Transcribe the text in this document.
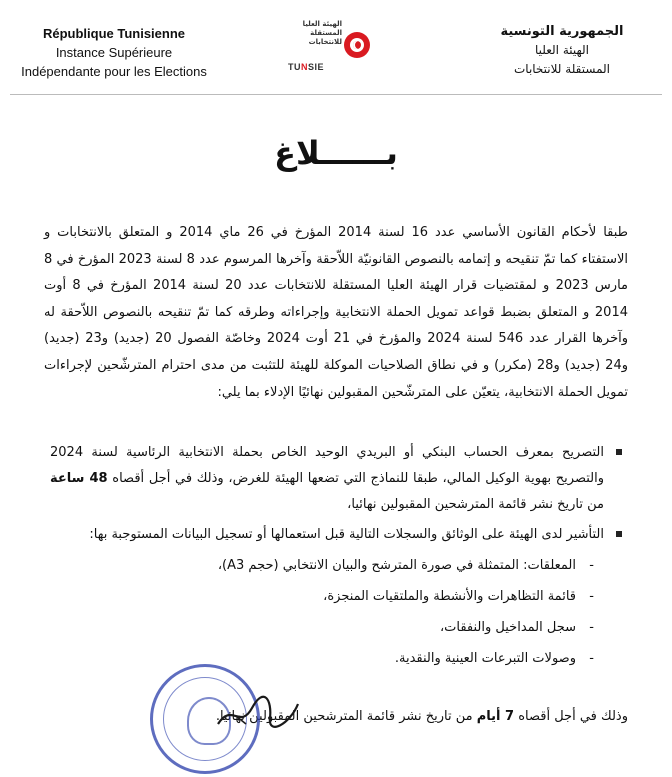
République Tunisienne
Instance Supérieure
Indépendante pour les Elections
الهيئة العليا المستقلة للانتخابات
TUNSIE
الجمهورية التونسية
الهيئة العليا
المستقلة للانتخابات
بــــــلاغ
طبقا لأحكام القانون الأساسي عدد 16 لسنة 2014 المؤرخ في 26 ماي 2014 و المتعلق بالانتخابات و الاستفتاء كما تمّ تنقيحه و إتمامه بالنصوص القانونيّة اللاّحقة وآخرها المرسوم عدد 8 لسنة 2023 المؤرخ في 8 مارس 2023 و لمقتضيات قرار الهيئة العليا المستقلة للانتخابات عدد 20 لسنة 2014 المؤرخ في 8 أوت 2014 و المتعلق بضبط قواعد تمويل الحملة الانتخابية وإجراءاته وطرقه كما تمّ تنقيحه بالنصوص اللاّحقة له وآخرها القرار عدد 546 لسنة 2024 والمؤرخ في 21 أوت 2024 وخاصّة الفصول 20 (جديد) و23 (جديد) و24 (جديد) و28 (مكرر) و في نطاق الصلاحيات الموكلة للهيئة للتثبت من مدى احترام المترشّحين لإجراءات تمويل الحملة الانتخابية، يتعيّن على المترشّحين المقبولين نهائيًا الإدلاء بما يلي:
التصريح بمعرف الحساب البنكي أو البريدي الوحيد الخاص بحملة الانتخابية الرئاسية لسنة 2024 والتصريح بهوية الوكيل المالي، طبقا للنماذج التي تضعها الهيئة للغرض، وذلك في أجل أقصاه 48 ساعة من تاريخ نشر قائمة المترشحين المقبولين نهائيا،
التأشير لدى الهيئة على الوثائق والسجلات التالية قبل استعمالها أو تسجيل البيانات المستوجبة بها:
- المعلقات: المتمثلة في صورة المترشح والبيان الانتخابي (حجم A3)،
- قائمة التظاهرات والأنشطة والملتقيات المنجزة،
- سجل المداخيل والنفقات،
- وصولات التبرعات العينية والنقدية.
وذلك في أجل أقصاه 7 أيام من تاريخ نشر قائمة المترشحين المقبولين نهائيا.
